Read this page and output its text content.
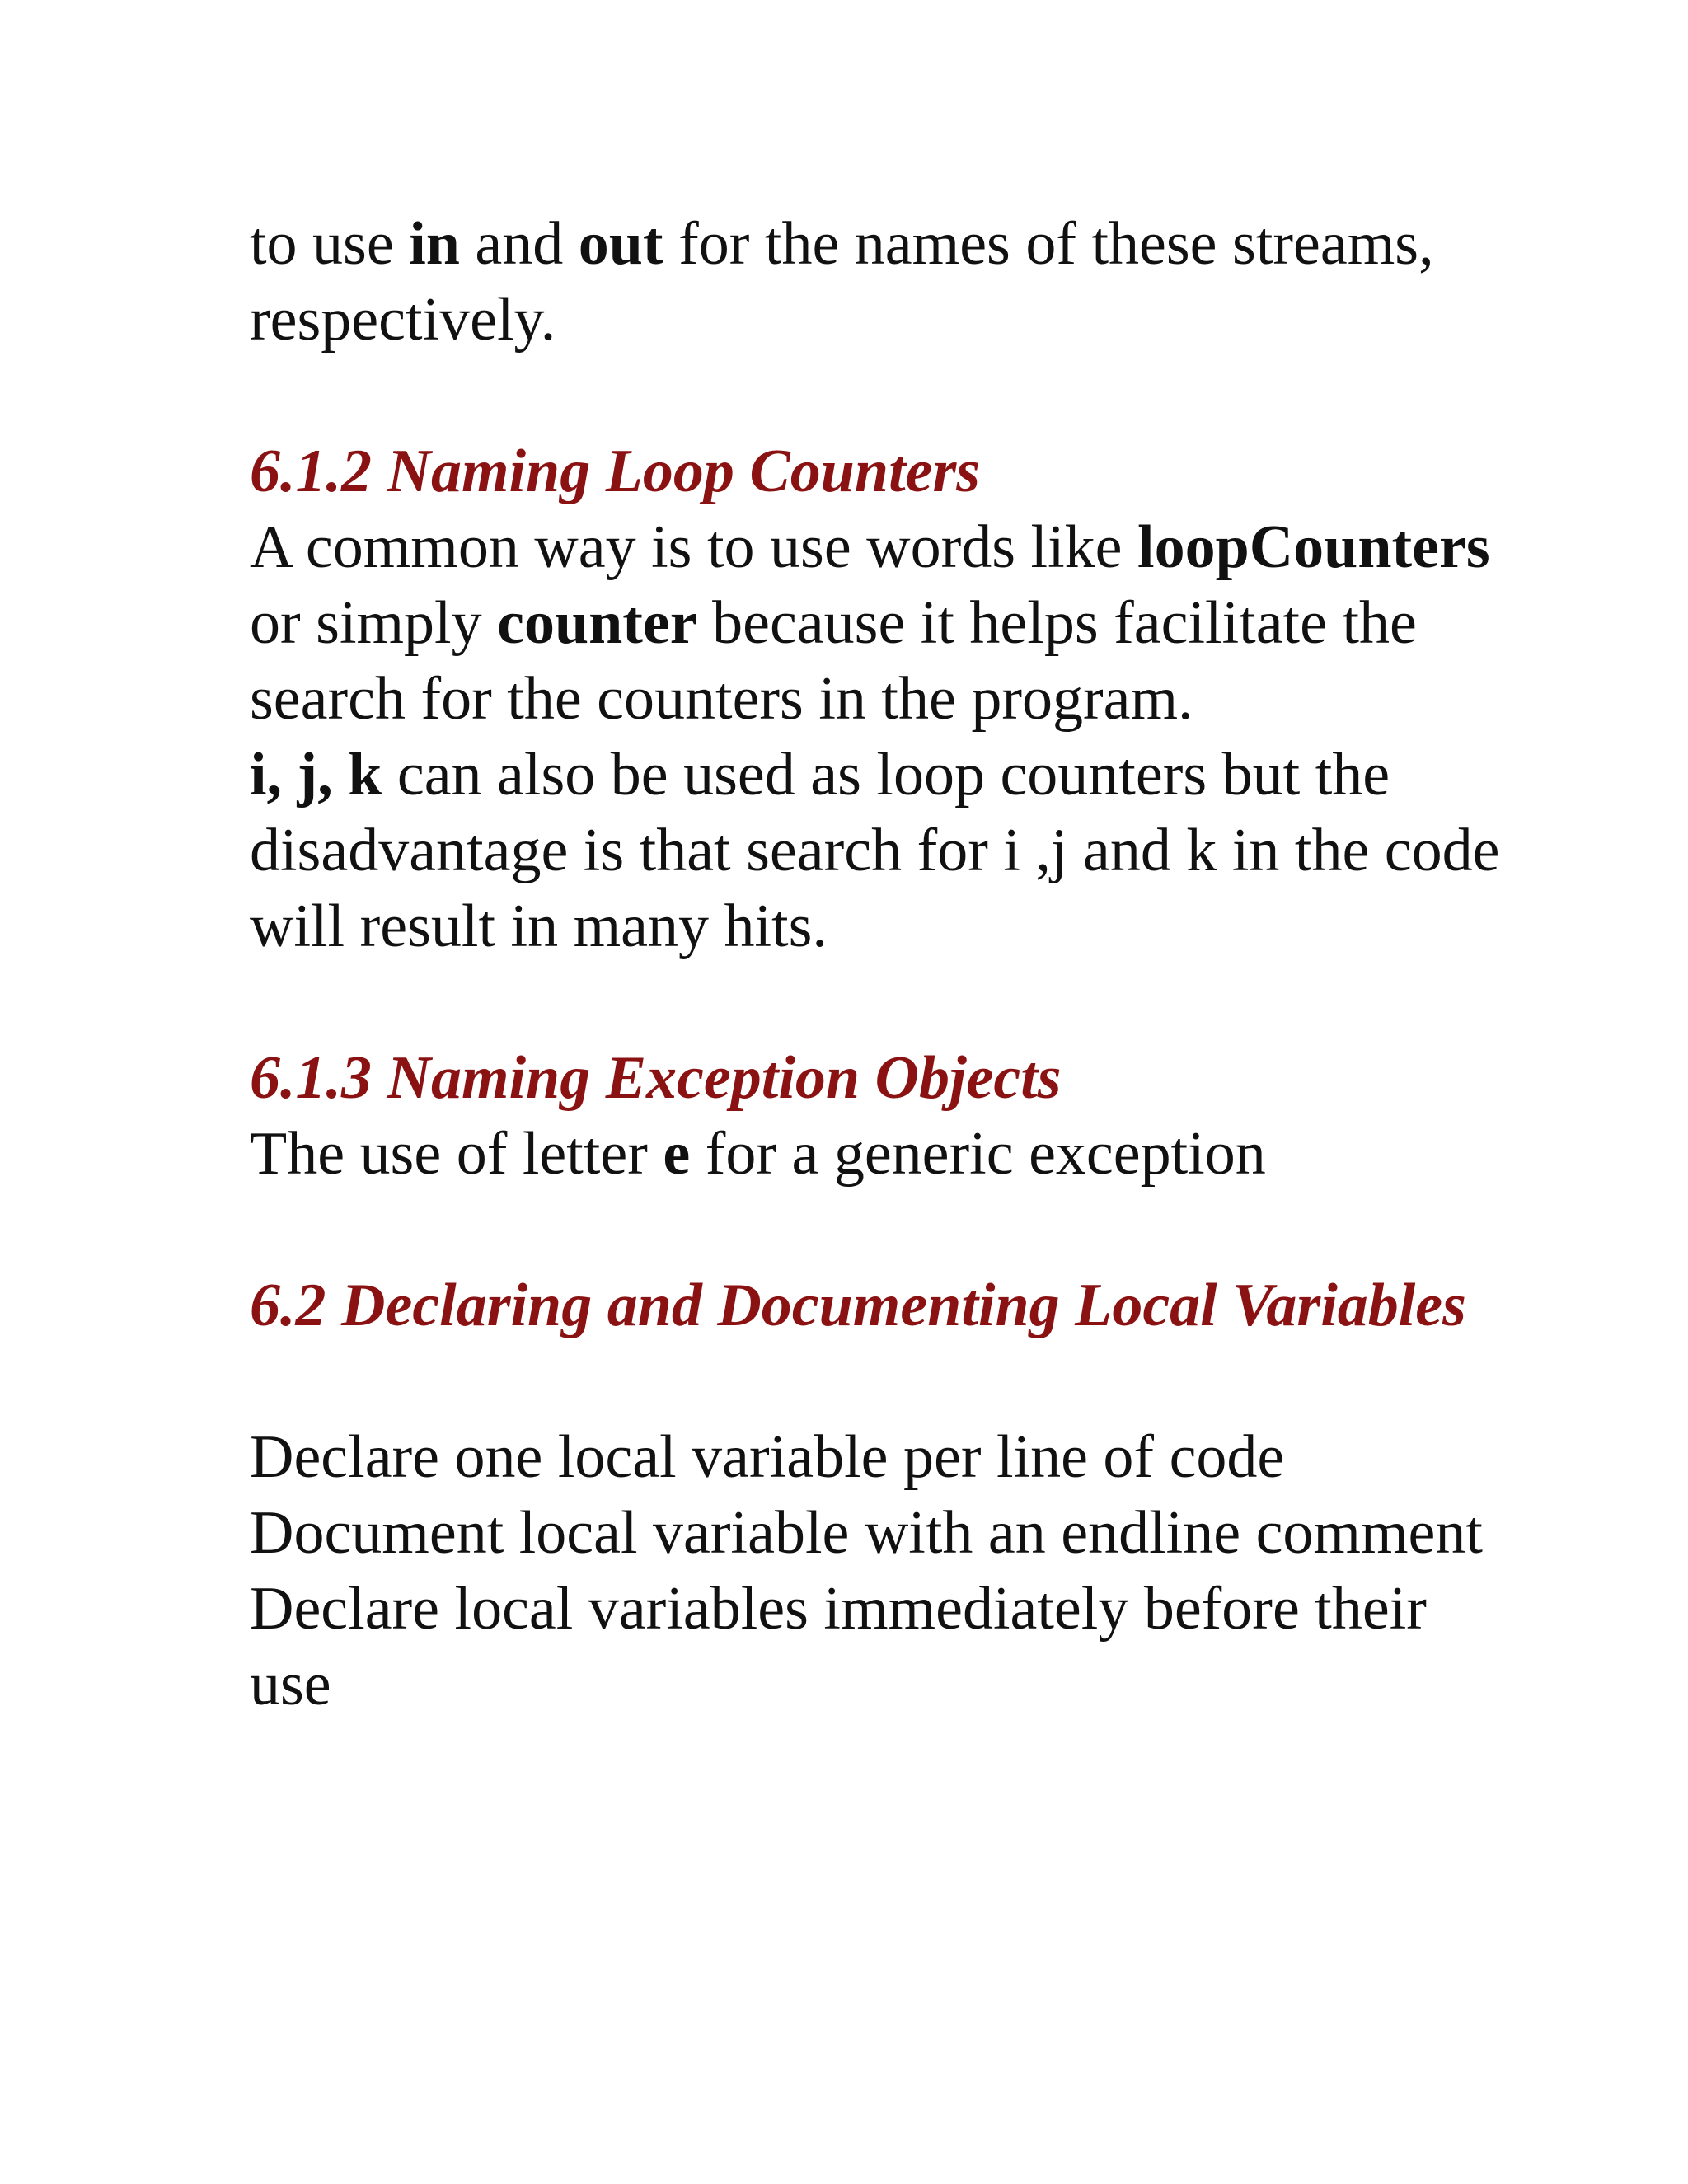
to use in and out for the names of these streams, respectively.

6.1.2 Naming Loop Counters

A common way is to use words like loopCounters or simply counter because it helps facilitate the search for the counters in the program.

i, j, k can also be used as loop counters but the disadvantage is that search for i ,j and k in the code will result in many hits.

6.1.3 Naming Exception Objects

The use of letter e for a generic exception

6.2 Declaring and Documenting Local Variables

Declare one local variable per line of code

Document local variable with an endline comment

Declare local variables immediately before their use
